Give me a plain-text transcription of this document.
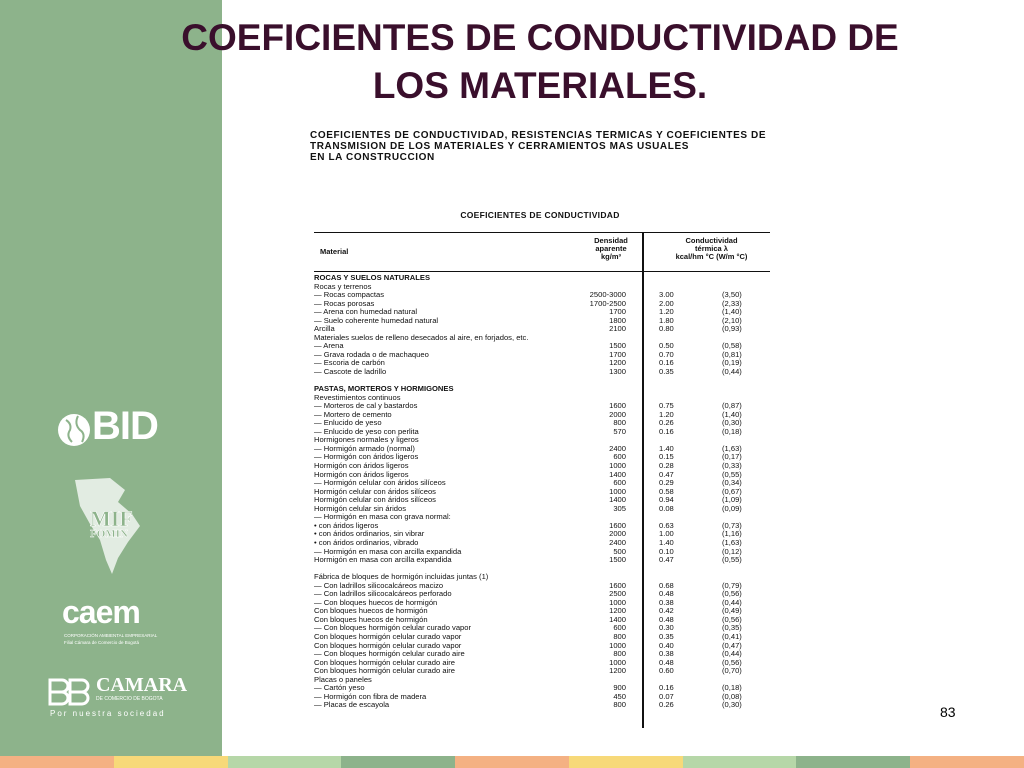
COEFICIENTES DE CONDUCTIVIDAD DE LOS MATERIALES.
BID
MIF
FOMIN
caem
CORPORACIÓN AMBIENTAL EMPRESARIAL
Filial Cámara de Comercio de Bogotá
CAMARA
DE COMERCIO DE BOGOTA
Por nuestra sociedad
COEFICIENTES DE CONDUCTIVIDAD, RESISTENCIAS TERMICAS Y COEFICIENTES DE
TRANSMISION DE LOS MATERIALES Y CERRAMIENTOS MAS USUALES
EN LA CONSTRUCCION
COEFICIENTES DE CONDUCTIVIDAD
Material
Densidad
aparente
kg/m³
Conductividad
térmica λ
kcal/hm °C (W/m °C)
ROCAS Y SUELOS NATURALES
Rocas y terrenos
— Rocas compactas	2500-3000	3.00	(3,50)
— Rocas porosas	1700-2500	2.00	(2,33)
— Arena con humedad natural	1700	1.20	(1,40)
— Suelo coherente humedad natural	1800	1.80	(2,10)
Arcilla	2100	0.80	(0,93)
Materiales suelos de relleno desecados al aire, en forjados, etc.
— Arena	1500	0.50	(0,58)
— Grava rodada o de machaqueo	1700	0.70	(0,81)
— Escoria de carbón	1200	0.16	(0,19)
— Cascote de ladrillo	1300	0.35	(0,44)
PASTAS, MORTEROS Y HORMIGONES
Revestimientos continuos
— Morteros de cal y bastardos	1600	0.75	(0,87)
— Mortero de cemento	2000	1.20	(1,40)
— Enlucido de yeso	800	0.26	(0,30)
— Enlucido de yeso con perlita	570	0.16	(0,18)
Hormigones normales y ligeros
— Hormigón armado (normal)	2400	1.40	(1,63)
— Hormigón con áridos ligeros	600	0.15	(0,17)
Hormigón con áridos ligeros	1000	0.28	(0,33)
Hormigón con áridos ligeros	1400	0.47	(0,55)
— Hormigón celular con áridos silíceos	600	0.29	(0,34)
Hormigón celular con áridos silíceos	1000	0.58	(0,67)
Hormigón celular con áridos silíceos	1400	0.94	(1,09)
Hormigón celular sin áridos	305	0.08	(0,09)
— Hormigón en masa con grava normal:
• con áridos ligeros	1600	0.63	(0,73)
• con áridos ordinarios, sin vibrar	2000	1.00	(1,16)
• con áridos ordinarios, vibrado	2400	1.40	(1,63)
— Hormigón en masa con arcilla expandida	500	0.10	(0,12)
Hormigón en masa con arcilla expandida	1500	0.47	(0,55)
Fábrica de bloques de hormigón incluidas juntas (1)
— Con ladrillos silicocalcáreos macizo	1600	0.68	(0,79)
— Con ladrillos silicocalcáreos perforado	2500	0.48	(0,56)
— Con bloques huecos de hormigón	1000	0.38	(0,44)
Con bloques huecos de hormigón	1200	0.42	(0,49)
Con bloques huecos de hormigón	1400	0.48	(0,56)
— Con bloques hormigón celular curado vapor	600	0.30	(0,35)
Con bloques hormigón celular curado vapor	800	0.35	(0,41)
Con bloques hormigón celular curado vapor	1000	0.40	(0,47)
— Con bloques hormigón celular curado aire	800	0.38	(0,44)
Con bloques hormigón celular curado aire	1000	0.48	(0,56)
Con bloques hormigón celular curado aire	1200	0.60	(0,70)
Placas o paneles
— Cartón yeso	900	0.16	(0,18)
— Hormigón con fibra de madera	450	0.07	(0,08)
— Placas de escayola	800	0.26	(0,30)	83
